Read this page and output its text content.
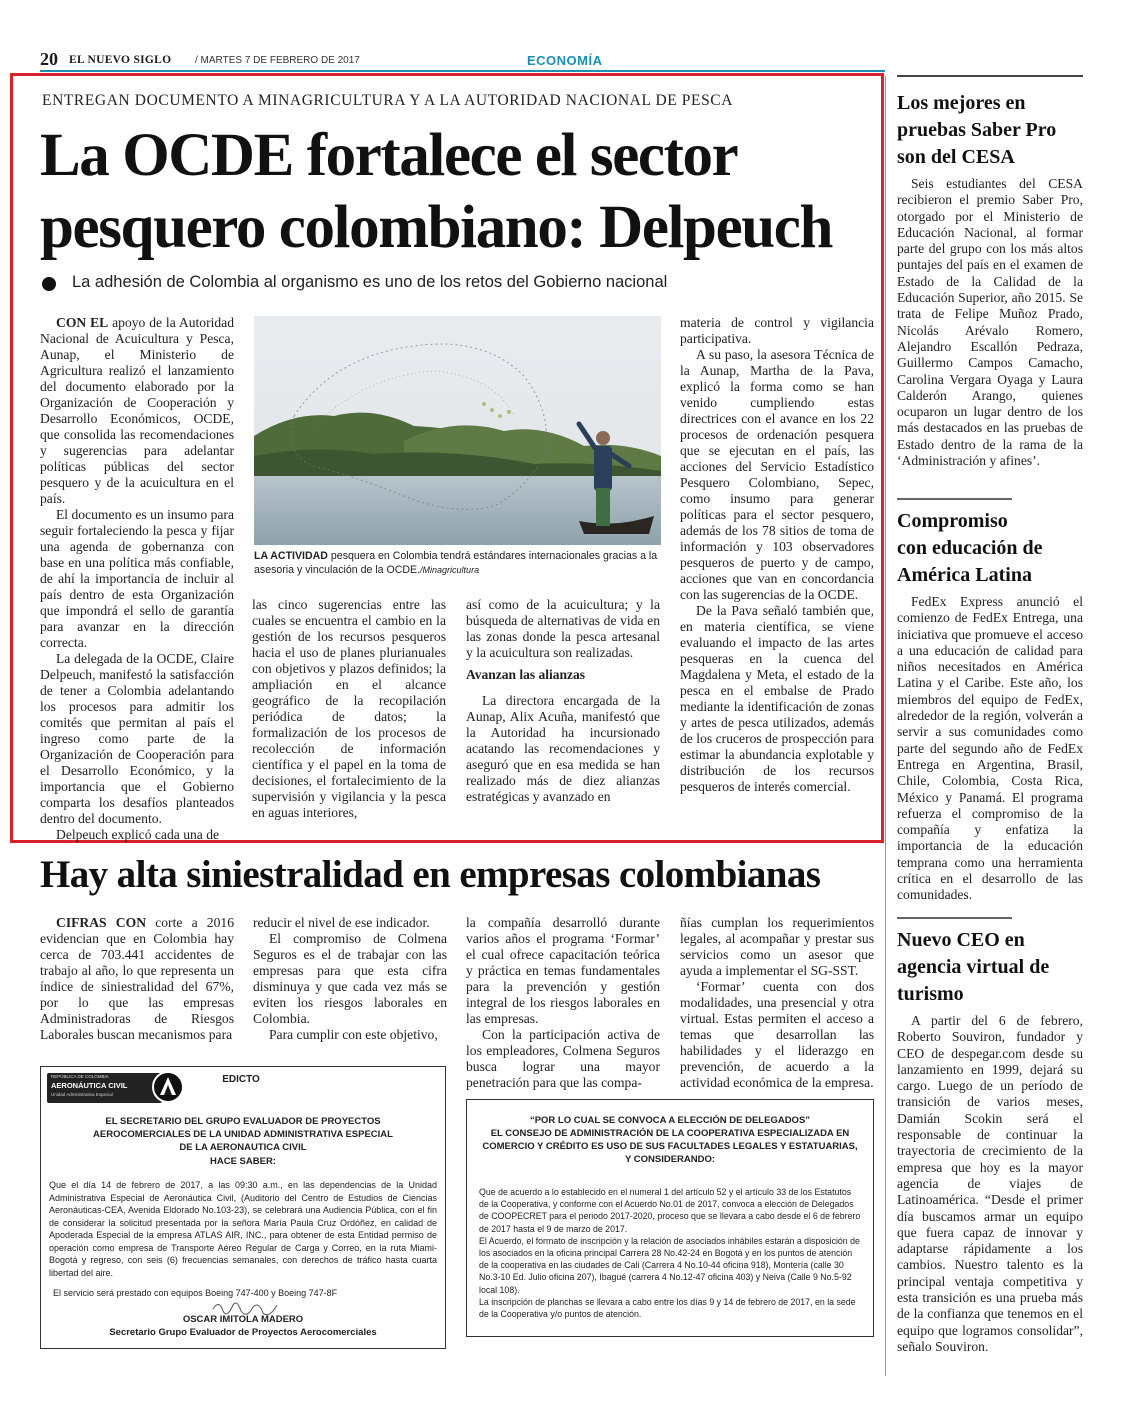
20 EL NUEVO SIGLO / MARTES 7 DE FEBRERO DE 2017	ECONOMÍA
ENTREGAN DOCUMENTO A MINAGRICULTURA Y A LA AUTORIDAD NACIONAL DE PESCA
La OCDE fortalece el sector
pesquero colombiano: Delpeuch
La adhesión de Colombia al organismo es uno de los retos del Gobierno nacional

CON EL apoyo de la Autoridad Nacional de Acuicultura y Pesca, Aunap, el Ministerio de Agricultura realizó el lanzamiento del documento elaborado por la Organización de Cooperación y Desarrollo Económicos, OCDE, que consolida las recomendaciones y sugerencias para adelantar políticas públicas del sector pesquero y de la acuicultura en el país.

El documento es un insumo para seguir fortaleciendo la pesca y fijar una agenda de gobernanza con base en una política más confiable, de ahí la importancia de incluir al país dentro de esta Organización que impondrá el sello de garantía para avanzar en la dirección correcta.

La delegada de la OCDE, Claire Delpeuch, manifestó la satisfacción de tener a Colombia adelantando los procesos para admitir los comités que permitan al país el ingreso como parte de la Organización de Cooperación para el Desarrollo Económico, y la importancia que el Gobierno comparta los desafíos planteados dentro del documento.

Delpeuch explicó cada una de

LA ACTIVIDAD pesquera en Colombia tendrá estándares internacionales gracias a la asesoria y vinculación de la OCDE./Minagricultura

las cinco sugerencias entre las cuales se encuentra el cambio en la gestión de los recursos pesqueros hacia el uso de planes plurianuales con objetivos y plazos definidos; la ampliación en el alcance geográfico de la recopilación periódica de datos; la formalización de los procesos de recolección de información científica y el papel en la toma de decisiones, el fortalecimiento de la supervisión y vigilancia y la pesca en aguas interiores,

así como de la acuicultura; y la búsqueda de alternativas de vida en las zonas donde la pesca artesanal y la acuicultura son realizadas.

Avanzan las alianzas

La directora encargada de la Aunap, Alix Acuña, manifestó que la Autoridad ha incursionado acatando las recomendaciones y aseguró que en esa medida se han realizado más de diez alianzas estratégicas y avanzado en

materia de control y vigilancia participativa.

A su paso, la asesora Técnica de la Aunap, Martha de la Pava, explicó la forma como se han venido cumpliendo estas directrices con el avance en los 22 procesos de ordenación pesquera que se ejecutan en el país, las acciones del Servicio Estadístico Pesquero Colombiano, Sepec, como insumo para generar políticas para el sector pesquero, además de los 78 sitios de toma de información y 103 observadores pesqueros de puerto y de campo, acciones que van en concordancia con las sugerencias de la OCDE.

De la Pava señaló también que, en materia científica, se viene evaluando el impacto de las artes pesqueras en la cuenca del Magdalena y Meta, el estado de la pesca en el embalse de Prado mediante la identificación de zonas y artes de pesca utilizados, además de los cruceros de prospección para estimar la abundancia explotable y distribución de los recursos pesqueros de interés comercial.

Hay alta siniestralidad en empresas colombianas

CIFRAS CON corte a 2016 evidencian que en Colombia hay cerca de 703.441 accidentes de trabajo al año, lo que representa un índice de siniestralidad del 67%, por lo que las empresas Administradoras de Riesgos Laborales buscan mecanismos para

reducir el nivel de ese indicador.

El compromiso de Colmena Seguros es el de trabajar con las empresas para que esta cifra disminuya y que cada vez más se eviten los riesgos laborales en Colombia.

Para cumplir con este objetivo,

la compañía desarrolló durante varios años el programa ‘Formar’ el cual ofrece capacitación teórica y práctica en temas fundamentales para la prevención y gestión integral de los riesgos laborales en las empresas.

Con la participación activa de los empleadores, Colmena Seguros busca lograr una mayor penetración para que las compa-

ñías cumplan los requerimientos legales, al acompañar y prestar sus servicios como un asesor que ayuda a implementar el SG-SST.

‘Formar’ cuenta con dos modalidades, una presencial y otra virtual. Estas permiten el acceso a temas que desarrollan las habilidades y el liderazgo en prevención, de acuerdo a la actividad económica de la empresa.

REPÚBLICA DE COLOMBIA
AERONÁUTICA CIVIL
Unidad Administrativa Especial
EDICTO
EL SECRETARIO DEL GRUPO EVALUADOR DE PROYECTOS
AEROCOMERCIALES DE LA UNIDAD ADMINISTRATIVA ESPECIAL
DE LA AERONAUTICA CIVIL
HACE SABER:
Que el día 14 de febrero de 2017, a las 09:30 a.m., en las dependencias de la Unidad Administrativa Especial de Aeronáutica Civil, (Auditorio del Centro de Estudios de Ciencias Aeronáuticas-CEA, Avenida Eldorado No.103-23), se celebrará una Audiencia Pública, con el fin de considerar la solicitud presentada por la señora María Paula Cruz Ordóñez, en calidad de Apoderada Especial de la empresa ATLAS AIR, INC., para obtener de esta Entidad permiso de operación como empresa de Transporte Aéreo Regular de Carga y Correo, en la ruta Miami- Bogotá y regreso, con seis (6) frecuencias semanales, con derechos de tráfico hasta cuarta libertad del aire.
El servicio será prestado con equipos Boeing 747-400 y Boeing 747-8F
OSCAR IMITOLA MADERO
Secretario Grupo Evaluador de Proyectos Aerocomerciales
“POR LO CUAL SE CONVOCA A ELECCIÓN DE DELEGADOS”
EL CONSEJO DE ADMINISTRACIÓN DE LA COOPERATIVA ESPECIALIZADA EN
COMERCIO Y CRÉDITO ES USO DE SUS FACULTADES LEGALES Y ESTATUARIAS,
Y CONSIDERANDO:
Que de acuerdo a lo establecido en el numeral 1 del artículo 52 y el artículo 33 de los Estatutos de la Cooperativa, y conforme con el Acuerdo No.01 de 2017, convoca a elección de Delegados de COOPECRET para el periodo 2017-2020, proceso que se llevara a cabo desde el 6 de febrero de 2017 hasta el 9 de marzo de 2017.
El Acuerdo, el formato de inscripción y la relación de asociados inhábiles estarán a disposición de los asociados en la oficina principal Carrera 28 No.42-24 en Bogotá y en los puntos de atención de la cooperativa en las ciudades de Cali (Carrera 4 No.10-44 oficina 918), Montería (calle 30 No.3-10 Ed. Julio oficina 207), Ibagué (carrera 4 No.12-47 oficina 403) y Neiva (Calle 9 No.5-92 local 108).
La inscripción de planchas se llevara a cabo entre los días 9 y 14 de febrero de 2017, en la sede de la Cooperativa y/o puntos de atención.
Los mejores en
pruebas Saber Pro
son del CESA
Seis estudiantes del CESA recibieron el premio Saber Pro, otorgado por el Ministerio de Educación Nacional, al formar parte del grupo con los más altos puntajes del país en el examen de Estado de la Calidad de la Educación Superior, año 2015. Se trata de Felipe Muñoz Prado, Nicolás Arévalo Romero, Alejandro Escallón Pedraza, Guillermo Campos Camacho, Carolina Vergara Oyaga y Laura Calderón Arango, quienes ocuparon un lugar dentro de los más destacados en las pruebas de Estado dentro de la rama de la ‘Administración y afines’.
Compromiso
con educación de
América Latina
FedEx Express anunció el comienzo de FedEx Entrega, una iniciativa que promueve el acceso a una educación de calidad para niños necesitados en América Latina y el Caribe. Este año, los miembros del equipo de FedEx, alrededor de la región, volverán a servir a sus comunidades como parte del segundo año de FedEx Entrega en Argentina, Brasil, Chile, Colombia, Costa Rica, México y Panamá. El programa refuerza el compromiso de la compañía y enfatiza la importancia de la educación temprana como una herramienta crítica en el desarrollo de las comunidades.
Nuevo CEO en
agencia virtual de
turismo
A partir del 6 de febrero, Roberto Souviron, fundador y CEO de despegar.com desde su lanzamiento en 1999, dejará su cargo. Luego de un período de transición de varios meses, Damián Scokin será el responsable de continuar la trayectoria de crecimiento de la empresa que hoy es la mayor agencia de viajes de Latinoamérica. “Desde el primer día buscamos armar un equipo que fuera capaz de innovar y adaptarse rápidamente a los cambios. Nuestro talento es la principal ventaja competitiva y esta transición es una prueba más de la confianza que tenemos en el equipo que logramos consolidar”, señalo Souviron.
